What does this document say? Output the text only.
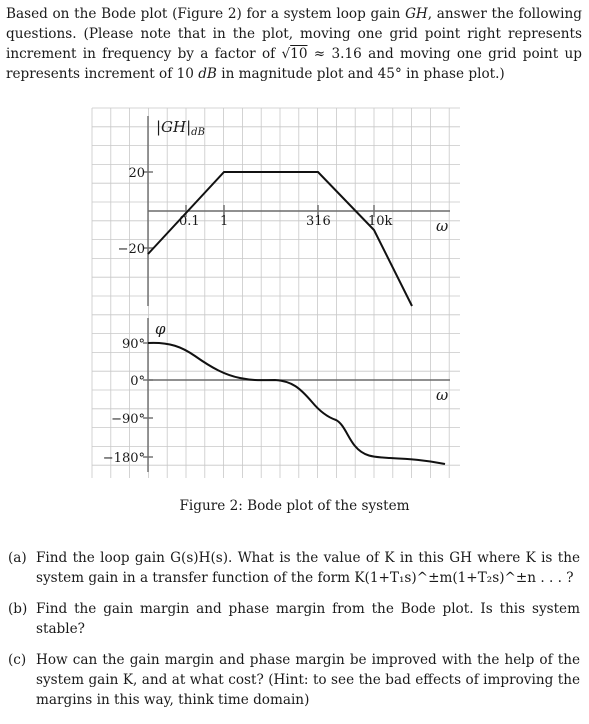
Based on the Bode plot (Figure 2) for a system loop gain GH, answer the following questions. (Please note that in the plot, moving one grid point right represents increment in frequency by a factor of √10 ≈ 3.16 and moving one grid point up represents increment of 10 dB in magnitude plot and 45° in phase plot.)
$|GH|_{dB}$
20
−20
0.1 1	316	10k	ω
φ
90°
0°
−90°
−180°
ω
Figure 2: Bode plot of the system
(a) Find the loop gain G(s)H(s). What is the value of K in this GH where K is the system gain in a transfer function of the form K(1+T₁s)^±m(1+T₂s)^±n . . . ?
(b) Find the gain margin and phase margin from the Bode plot. Is this system stable?
(c) How can the gain margin and phase margin be improved with the help of the system gain K, and at what cost? (Hint: to see the bad effects of improving the margins in this way, think time domain)
